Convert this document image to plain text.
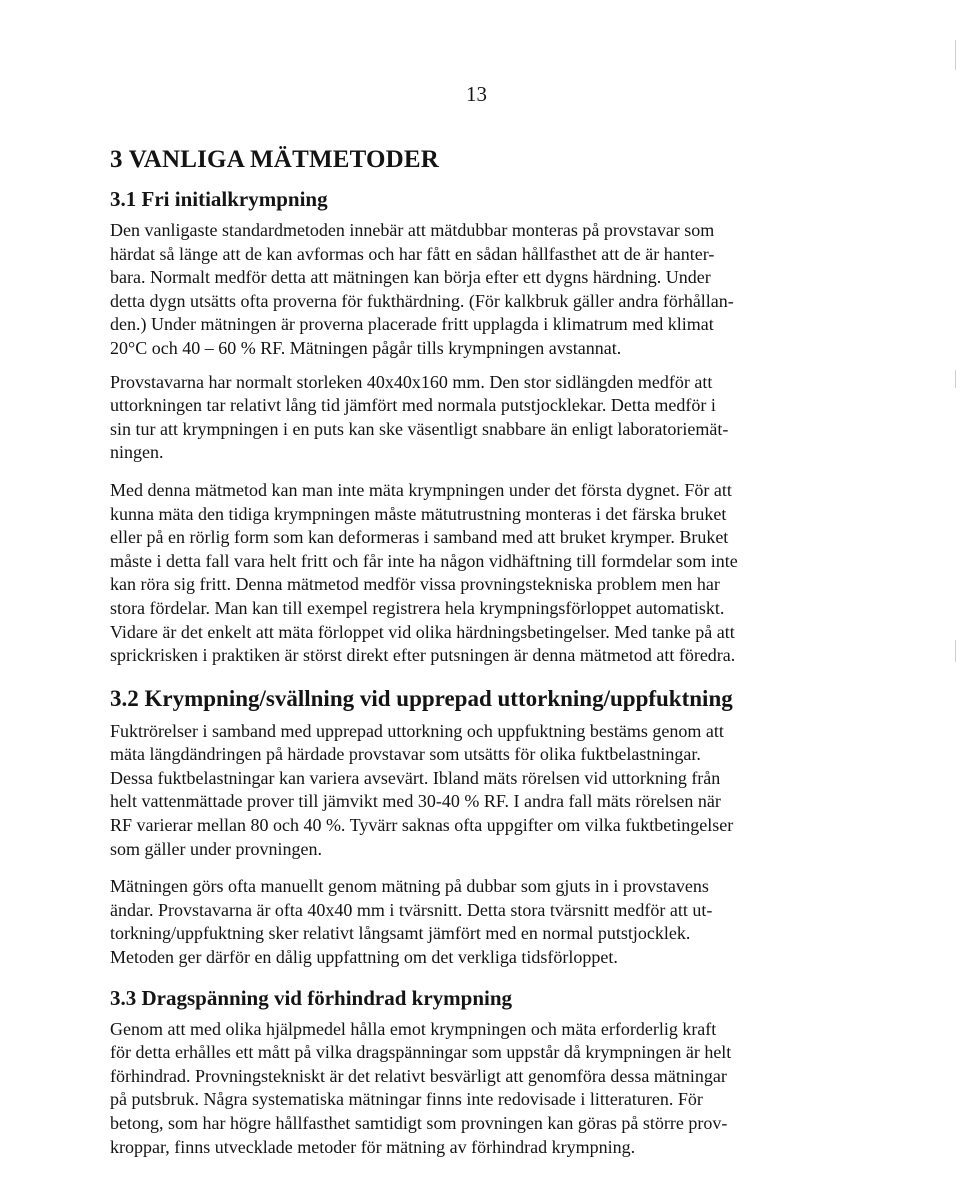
13
3 VANLIGA MÄTMETODER
3.1 Fri initialkrympning

Den vanligaste standardmetoden innebär att mätdubbar monteras på provstavar som
härdat så länge att de kan avformas och har fått en sådan hållfasthet att de är hanter-
bara. Normalt medför detta att mätningen kan börja efter ett dygns härdning. Under
detta dygn utsätts ofta proverna för fukthärdning. (För kalkbruk gäller andra förhållan-
den.) Under mätningen är proverna placerade fritt upplagda i klimatrum med klimat
20°C och 40 – 60 % RF. Mätningen pågår tills krympningen avstannat.

Provstavarna har normalt storleken 40x40x160 mm. Den stor sidlängden medför att
uttorkningen tar relativt lång tid jämfört med normala putstjocklekar. Detta medför i
sin tur att krympningen i en puts kan ske väsentligt snabbare än enligt laboratoriemät-
ningen.

Med denna mätmetod kan man inte mäta krympningen under det första dygnet. För att
kunna mäta den tidiga krympningen måste mätutrustning monteras i det färska bruket
eller på en rörlig form som kan deformeras i samband med att bruket krymper. Bruket
måste i detta fall vara helt fritt och får inte ha någon vidhäftning till formdelar som inte
kan röra sig fritt. Denna mätmetod medför vissa provningstekniska problem men har
stora fördelar. Man kan till exempel registrera hela krympningsförloppet automatiskt.
Vidare är det enkelt att mäta förloppet vid olika härdningsbetingelser. Med tanke på att
sprickrisken i praktiken är störst direkt efter putsningen är denna mätmetod att föredra.

3.2 Krympning/svällning vid upprepad uttorkning/uppfuktning

Fuktrörelser i samband med upprepad uttorkning och uppfuktning bestäms genom att
mäta längdändringen på härdade provstavar som utsätts för olika fuktbelastningar.
Dessa fuktbelastningar kan variera avsevärt. Ibland mäts rörelsen vid uttorkning från
helt vattenmättade prover till jämvikt med 30-40 % RF. I andra fall mäts rörelsen när
RF varierar mellan 80 och 40 %. Tyvärr saknas ofta uppgifter om vilka fuktbetingelser
som gäller under provningen.

Mätningen görs ofta manuellt genom mätning på dubbar som gjuts in i provstavens
ändar. Provstavarna är ofta 40x40 mm i tvärsnitt. Detta stora tvärsnitt medför att ut-
torkning/uppfuktning sker relativt långsamt jämfört med en normal putstjocklek.
Metoden ger därför en dålig uppfattning om det verkliga tidsförloppet.

3.3 Dragspänning vid förhindrad krympning

Genom att med olika hjälpmedel hålla emot krympningen och mäta erforderlig kraft
för detta erhålles ett mått på vilka dragspänningar som uppstår då krympningen är helt
förhindrad. Provningstekniskt är det relativt besvärligt att genomföra dessa mätningar
på putsbruk. Några systematiska mätningar finns inte redovisade i litteraturen. För
betong, som har högre hållfasthet samtidigt som provningen kan göras på större prov-
kroppar, finns utvecklade metoder för mätning av förhindrad krympning.
